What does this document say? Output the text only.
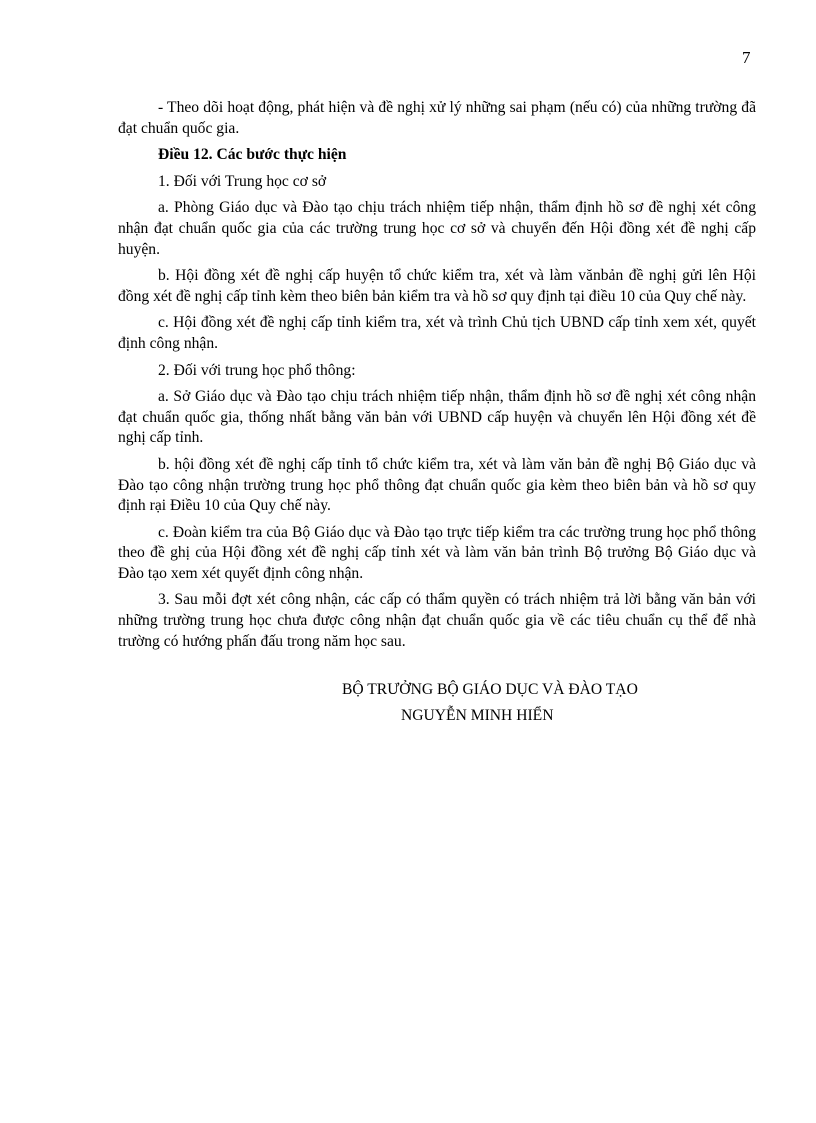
7

- Theo dõi hoạt động, phát hiện và đề nghị xử lý những sai phạm (nếu có) của những trường đã đạt chuẩn quốc gia.

Điều 12. Các bước thực hiện

1. Đối với Trung học cơ sở

a. Phòng Giáo dục và Đào tạo chịu trách nhiệm tiếp nhận, thẩm định hồ sơ đề nghị xét công nhận đạt chuẩn quốc gia của các trường trung học cơ sở và chuyển đến Hội đồng xét đề nghị cấp huyện.

b. Hội đồng xét đề nghị cấp huyện tổ chức kiểm tra, xét và làm vănbản đề nghị gửi lên Hội đồng xét đề nghị cấp tỉnh kèm theo biên bản kiểm tra và hồ sơ quy định tại điều 10 của Quy chế này.

c. Hội đồng xét đề nghị cấp tỉnh kiểm tra, xét và trình Chủ tịch UBND cấp tỉnh xem xét, quyết định công nhận.

2. Đối với trung học phổ thông:

a. Sở Giáo dục và Đào tạo chịu trách nhiệm tiếp nhận, thẩm định hồ sơ đề nghị xét công nhận đạt chuẩn quốc gia, thống nhất bằng văn bản với UBND cấp huyện và chuyển lên Hội đồng xét đề nghị cấp tỉnh.

b. hội đồng xét đề nghị cấp tỉnh tổ chức kiểm tra, xét và làm văn bản đề nghị Bộ Giáo dục và Đào tạo công nhận trường trung học phổ thông đạt chuẩn quốc gia kèm theo biên bản và hồ sơ quy định rại Điều 10 của Quy chế này.

c. Đoàn kiểm tra của Bộ Giáo dục và Đào tạo trực tiếp kiểm tra các trường trung học phổ thông theo đề ghị của Hội đồng xét đề nghị cấp tỉnh xét và làm văn bản trình Bộ trưởng Bộ Giáo dục và Đào tạo xem xét quyết định công nhận.

3. Sau mỗi đợt xét công nhận, các cấp có thẩm quyền có trách nhiệm trả lời bằng văn bản với những trường trung học chưa được công nhận đạt chuẩn quốc gia về các tiêu chuẩn cụ thể để nhà trường có hướng phấn đấu trong năm học sau.

BỘ TRƯỞNG BỘ GIÁO DỤC VÀ ĐÀO TẠO
NGUYỄN MINH HIỂN
